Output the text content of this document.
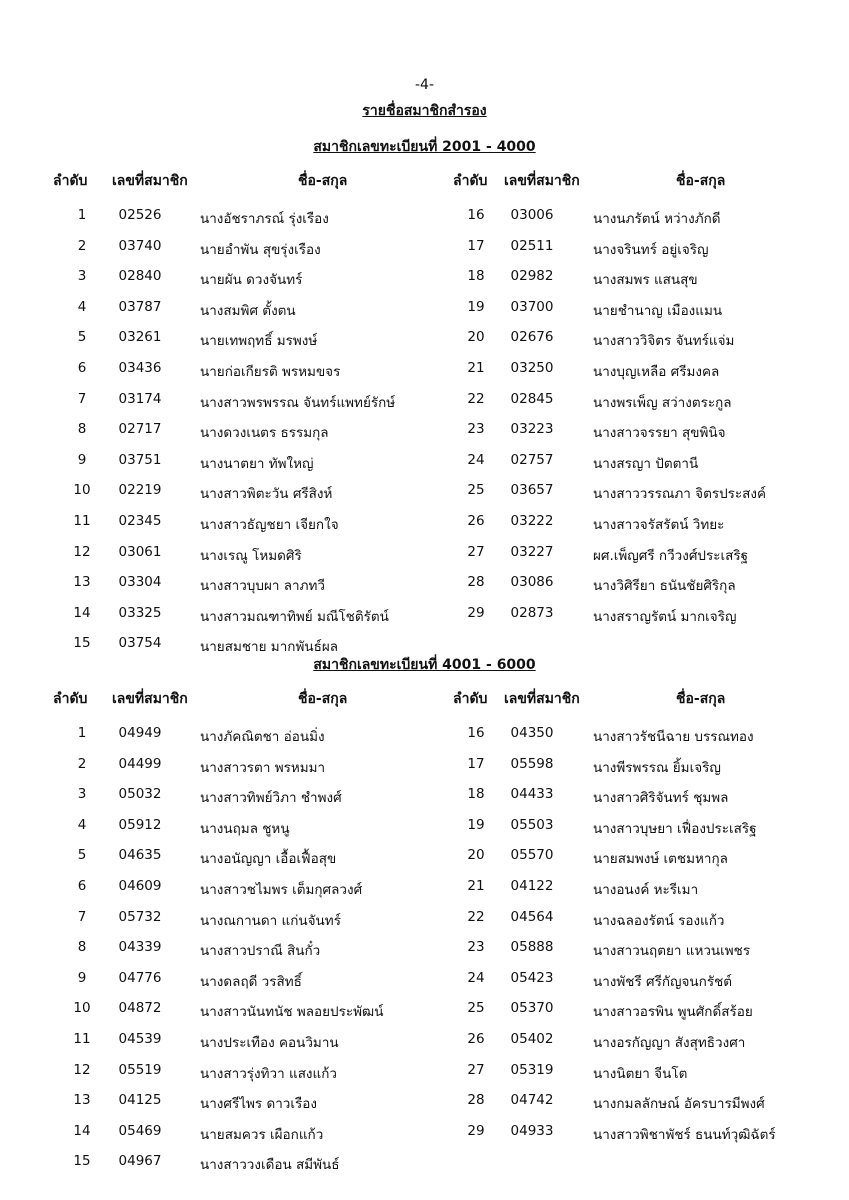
-4-
รายชื่อสมาชิกสำรอง
สมาชิกเลขทะเบียนที่ 2001 - 4000
ลำดับ เลขที่สมาชิก	ชื่อ-สกุล	ลำดับ เลขที่สมาชิก	ชื่อ-สกุล
1	02526	นางอัชราภรณ์ รุ่งเรือง
2	03740	นายอำพัน สุขรุ่งเรือง
3	02840	นายผัน ดวงจันทร์
4	03787	นางสมพิศ ตั้งตน
5	03261	นายเทพฤทธิ์ มรพงษ์
6	03436	นายก่อเกียรติ พรหมขจร
7	03174	นางสาวพรพรรณ จันทร์แพทย์รักษ์
8	02717	นางดวงเนตร ธรรมกุล
9	03751	นางนาตยา ทัพใหญ่
10	02219	นางสาวพิตะวัน ศรีสิงห์
11	02345	นางสาวธัญชยา เจียกใจ
12	03061	นางเรณู โหมดศิริ
13	03304	นางสาวบุบผา ลาภทวี
14	03325	นางสาวมณฑาทิพย์ มณีโชติรัตน์
15	03754	นายสมชาย มากพันธ์ผล
16	03006	นางนภรัตน์ หว่างภักดี
17	02511	นางจรินทร์ อยู่เจริญ
18	02982	นางสมพร แสนสุข
19	03700	นายชำนาญ เมืองแมน
20	02676	นางสาววิจิตร จันทร์แจ่ม
21	03250	นางบุญเหลือ ศรีมงคล
22	02845	นางพรเพ็ญ สว่างตระกูล
23	03223	นางสาวจรรยา สุขพินิจ
24	02757	นางสรญา ปัตตานี
25	03657	นางสาววรรณภา จิตรประสงค์
26	03222	นางสาวจรัสรัตน์ วิทยะ
27	03227	ผศ.เพ็ญศรี กวีวงศ์ประเสริฐ
28	03086	นางวิศิรียา ธนันชัยศิริกุล
29	02873	นางสราญรัตน์ มากเจริญ
สมาชิกเลขทะเบียนที่ 4001 - 6000
ลำดับ เลขที่สมาชิก	ชื่อ-สกุล	ลำดับ เลขที่สมาชิก	ชื่อ-สกุล
1	04949	นางภัคณิตชา อ่อนมิ่ง
2	04499	นางสาวรตา พรหมมา
3	05032	นางสาวทิพย์วิภา ชำพงศ์
4	05912	นางนฤมล ชูหนู
5	04635	นางอนัญญา เอื้อเฟื้อสุข
6	04609	นางสาวชไมพร เต็มกุศลวงศ์
7	05732	นางณกานดา แก่นจันทร์
8	04339	นางสาวปราณี สินกั๋ว
9	04776	นางดลฤดี วรสิทธิ์
10	04872	นางสาวนันทนัช พลอยประพัฒน์
11	04539	นางประเทือง คอนวิมาน
12	05519	นางสาวรุ่งทิวา แสงแก้ว
13	04125	นางศรีไพร ดาวเรือง
14	05469	นายสมควร เผือกแก้ว
15	04967	นางสาววงเดือน สมีพันธ์
16	04350	นางสาวรัชนีฉาย บรรณทอง
17	05598	นางพีรพรรณ ยิ้มเจริญ
18	04433	นางสาวศิริจันทร์ ชุมพล
19	05503	นางสาวบุษยา เฟื่องประเสริฐ
20	05570	นายสมพงษ์ เตชมหากุล
21	04122	นางอนงค์ หะรีเมา
22	04564	นางฉลองรัตน์ รองแก้ว
23	05888	นางสาวนฤตยา แหวนเพชร
24	05423	นางพัชรี ศรีกัญจนกรัชต์
25	05370	นางสาวอรพิน พูนศักดิ์สร้อย
26	05402	นางอรกัญญา สังสุทธิวงศา
27	05319	นางนิตยา จีนโต
28	04742	นางกมลลักษณ์ อัครบารมีพงศ์
29	04933	นางสาวพิชาพัชร์ ธนนท์วุฒิฉัตร์
